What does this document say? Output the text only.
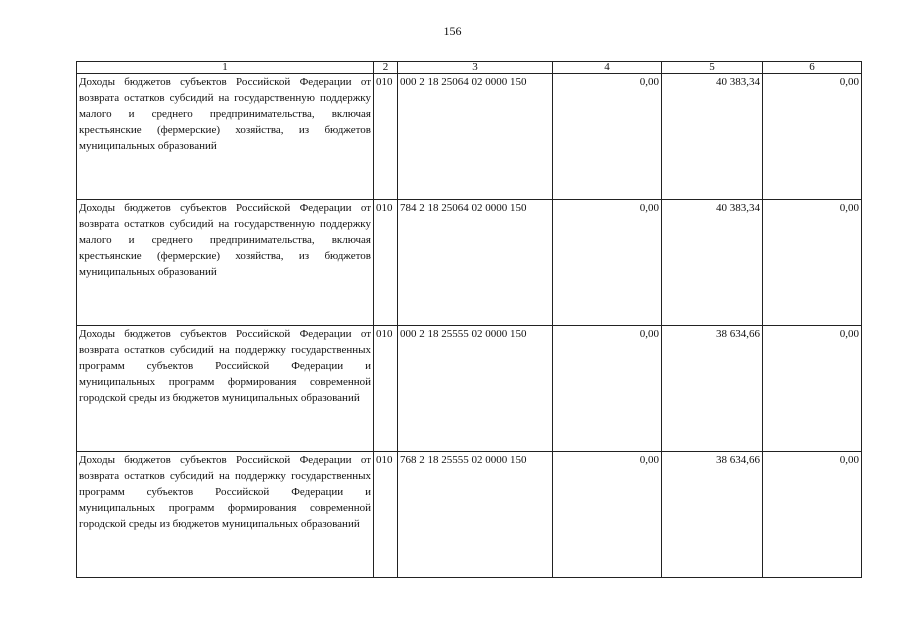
156
1	2	3	4	5	6
Доходы бюджетов субъектов Российской Федерации от возврата остатков субсидий на государственную поддержку малого и среднего предпринимательства, включая крестьянские (фермерские) хозяйства, из бюджетов муниципальных образований	010	000 2 18 25064 02 0000 150	0,00	40 383,34	0,00
Доходы бюджетов субъектов Российской Федерации от возврата остатков субсидий на государственную поддержку малого и среднего предпринимательства, включая крестьянские (фермерские) хозяйства, из бюджетов муниципальных образований	010	784 2 18 25064 02 0000 150	0,00	40 383,34	0,00
Доходы бюджетов субъектов Российской Федерации от возврата остатков субсидий на поддержку государственных программ субъектов Российской Федерации и муниципальных программ формирования современной городской среды из бюджетов муниципальных образований	010	000 2 18 25555 02 0000 150	0,00	38 634,66	0,00
Доходы бюджетов субъектов Российской Федерации от возврата остатков субсидий на поддержку государственных программ субъектов Российской Федерации и муниципальных программ формирования современной городской среды из бюджетов муниципальных образований	010	768 2 18 25555 02 0000 150	0,00	38 634,66	0,00
